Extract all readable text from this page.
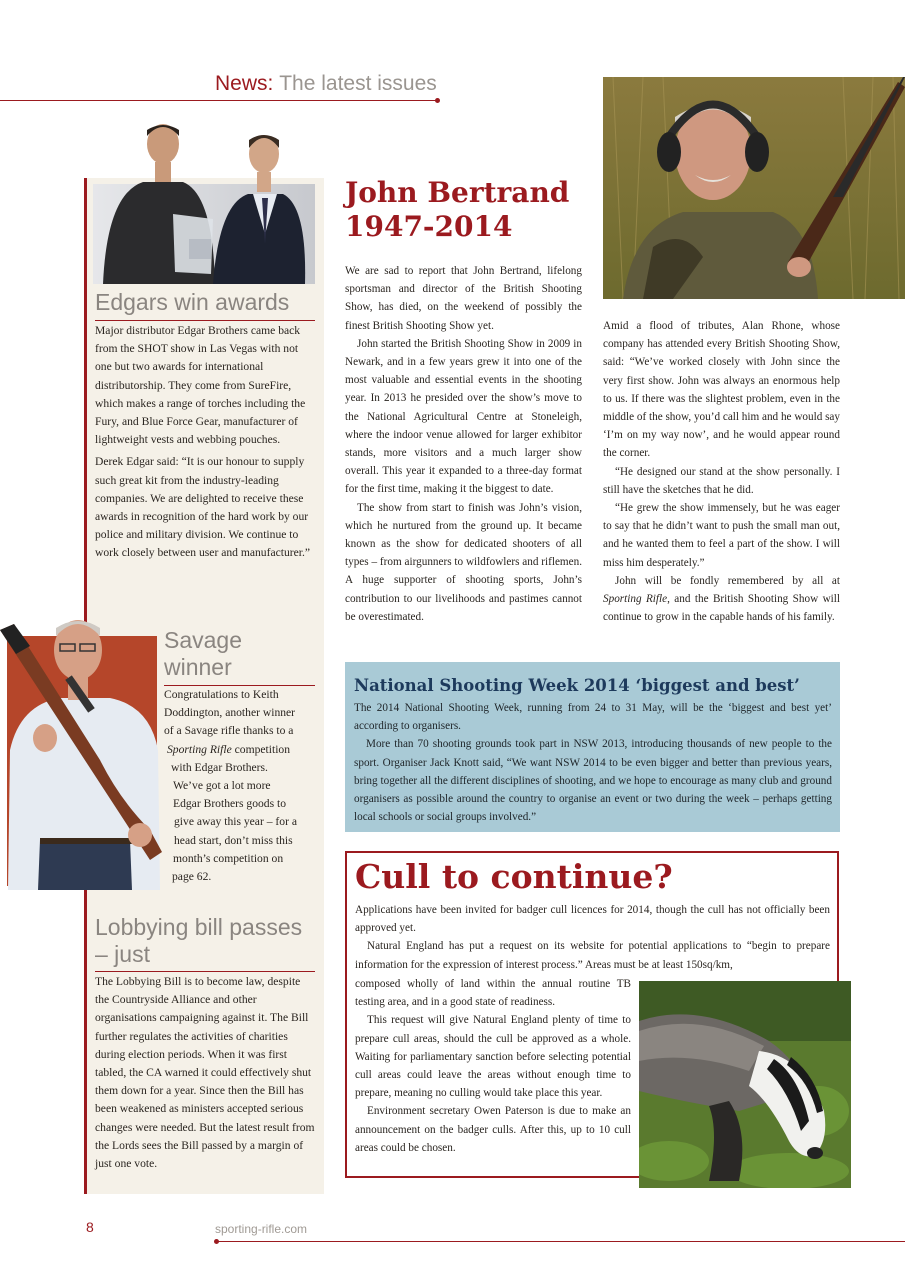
News: The latest issues
Edgars win awards

Major distributor Edgar Brothers came back from the SHOT show in Las Vegas with not one but two awards for international distributorship. They come from SureFire, which makes a range of torches including the Fury, and Blue Force Gear, manufacturer of lightweight vests and webbing pouches.

Derek Edgar said: “It is our honour to supply such great kit from the industry-leading companies. We are delighted to receive these awards in recognition of the hard work by our police and military division. We continue to work closely between user and manufacturer.”

Savage
winner
Congratulations to Keith
Doddington, another winner
of a Savage rifle thanks to a
Sporting Rifle competition
with Edgar Brothers.
We’ve got a lot more
Edgar Brothers goods to
give away this year – for a
head start, don’t miss this
month’s competition on
page 62.
Lobbying bill passes
– just

The Lobbying Bill is to become law, despite the Countryside Alliance and other organisations campaigning against it. The Bill further regulates the activities of charities during election periods. When it was first tabled, the CA warned it could effectively shut them down for a year. Since then the Bill has been weakened as ministers accepted serious changes were needed. But the latest result from the Lords sees the Bill passed by a margin of just one vote.

John Bertrand
1947-2014

We are sad to report that John Bertrand, lifelong sportsman and director of the British Shooting Show, has died, on the weekend of possibly the finest British Shooting Show yet.

John started the British Shooting Show in 2009 in Newark, and in a few years grew it into one of the most valuable and essential events in the shooting year. In 2013 he presided over the show’s move to the National Agricultural Centre at Stoneleigh, where the indoor venue allowed for larger exhibitor stands, more visitors and a much larger show overall. This year it expanded to a three-day format for the first time, making it the biggest to date.

The show from start to finish was John’s vision, which he nurtured from the ground up. It became known as the show for dedicated shooters of all types – from airgunners to wildfowlers and riflemen. A huge supporter of shooting sports, John’s contribution to our livelihoods and pastimes cannot be overestimated.

Amid a flood of tributes, Alan Rhone, whose company has attended every British Shooting Show, said: “We’ve worked closely with John since the very first show. John was always an enormous help to us. If there was the slightest problem, even in the middle of the show, you’d call him and he would say ‘I’m on my way now’, and he would appear round the corner.

“He designed our stand at the show personally. I still have the sketches that he did.

“He grew the show immensely, but he was eager to say that he didn’t want to push the small man out, and he wanted them to feel a part of the show. I will miss him desperately.”

John will be fondly remembered by all at Sporting Rifle, and the British Shooting Show will continue to grow in the capable hands of his family.

National Shooting Week 2014 ‘biggest and best’

The 2014 National Shooting Week, running from 24 to 31 May, will be the ‘biggest and best yet’ according to organisers.

More than 70 shooting grounds took part in NSW 2013, introducing thousands of new people to the sport. Organiser Jack Knott said, “We want NSW 2014 to be even bigger and better than previous years, bring together all the different disciplines of shooting, and we hope to encourage as many club and ground organisers as possible around the country to organise an event or two during the week – perhaps getting local schools or social groups involved.”

Cull to continue?

Applications have been invited for badger cull licences for 2014, though the cull has not officially been approved yet.

Natural England has put a request on its website for potential applications to “begin to prepare information for the expression of interest process.” Areas must be at least 150sq/km,

composed wholly of land within the annual routine TB testing area, and in a good state of readiness.

This request will give Natural England plenty of time to prepare cull areas, should the cull be approved as a whole. Waiting for parliamentary sanction before selecting potential cull areas could leave the areas without enough time to prepare, meaning no culling would take place this year.

Environment secretary Owen Paterson is due to make an announcement on the badger culls. After this, up to 10 cull areas could be chosen.

8	sporting-rifle.com
